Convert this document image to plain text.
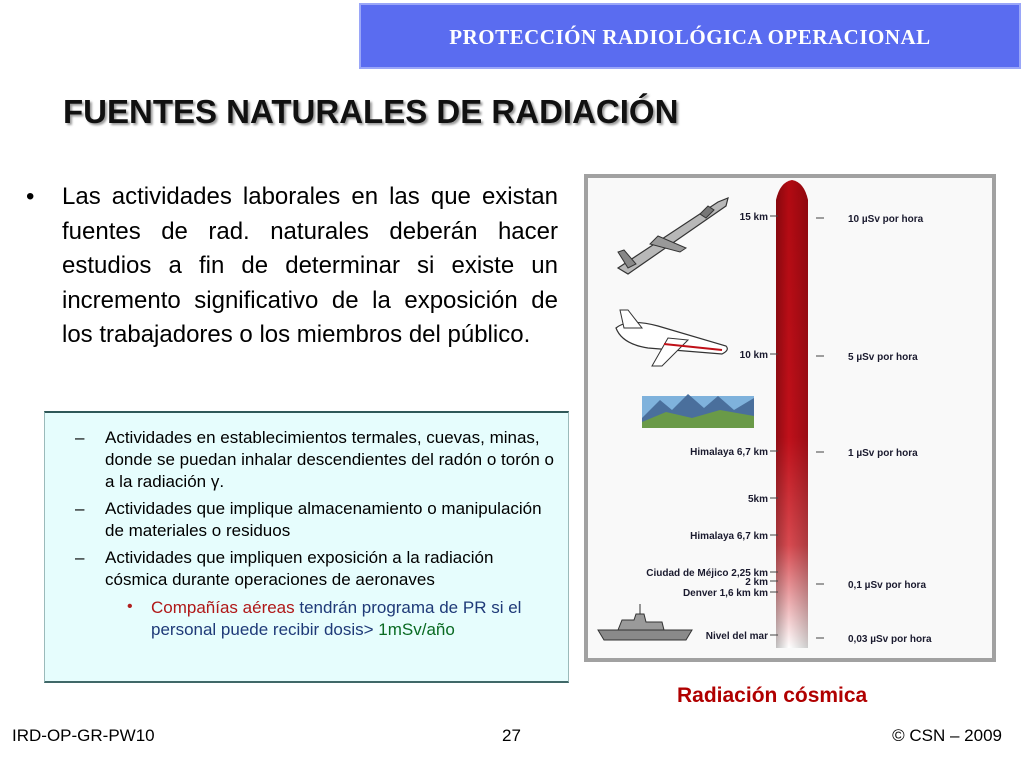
PROTECCIÓN RADIOLÓGICA OPERACIONAL
FUENTES NATURALES DE RADIACIÓN
• Las actividades laborales en las que existan fuentes de rad. naturales deberán hacer estudios a fin de determinar si existe un incremento significativo de la exposición de los trabajadores o los miembros del público.

– Actividades en establecimientos termales, cuevas, minas, donde se puedan inhalar descendientes del radón o torón o a la radiación γ.
– Actividades que implique almacenamiento o manipulación de materiales o residuos
– Actividades que impliquen exposición a la radiación cósmica durante operaciones de aeronaves
• Compañías aéreas tendrán programa de PR si el personal puede recibir dosis> 1mSv/año
15 km
10 km
Himalaya 6,7 km
5km
Himalaya 6,7 km
Ciudad de Méjico 2,25 km
2 km
Denver 1,6 km km
Nivel del mar
10 µSv por hora
5 µSv por hora
1 µSv por hora
0,1 µSv por hora
0,03 µSv por hora
Radiación cósmica
IRD-OP-GR-PW10	27	© CSN – 2009
